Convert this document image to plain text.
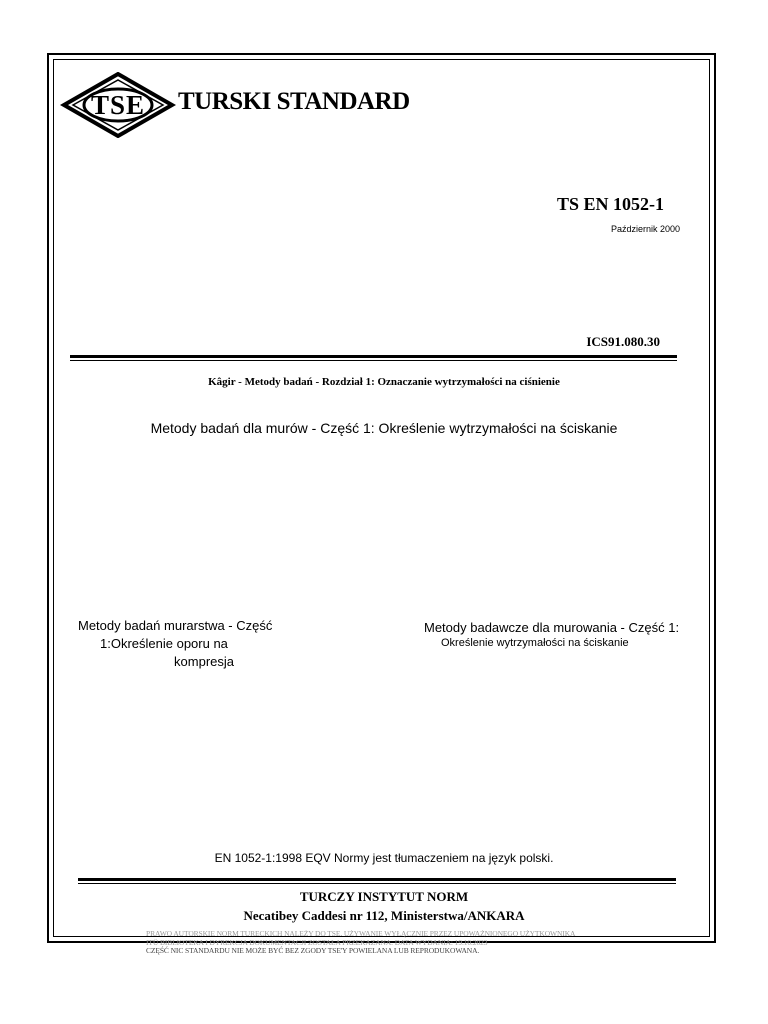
TSE TURSKI STANDARD
TS EN 1052-1
Październik 2000
ICS91.080.30
Kâgir - Metody badań - Rozdział 1: Oznaczanie wytrzymałości na ciśnienie
Metody badań dla murów - Część 1: Określenie wytrzymałości na ściskanie
Metody badań murarstwa - Część
1:Określenie oporu na
kompresja
Metody badawcze dla murowania - Część 1:
Określenie wytrzymałości na ściskanie
EN 1052-1:1998 EQV Normy jest tłumaczeniem na język polski.
TURCZY INSTYTUT NORM
Necatibey Caddesi nr 112, Ministerstwa/ANKARA
PRAWO AUTORSKIE NORM TURECKICH NALEŻY DO TSE. UŻYWANIE WYŁĄCZNIE PRZEZ UPOWAŻNIONEGO UŻYTKOWNIKA
ITÜ BIBLIOTEKA I DYREKCJA DOKUMENTACJI ZOSTAŁA PRZEKAZANA. DATA WYDANIA: 19.10.2023
CZĘŚĆ NIC STANDARDU NIE MOŻE BYĆ BEZ ZGODY TSE'Y POWIELANA LUB REPRODUKOWANA.
